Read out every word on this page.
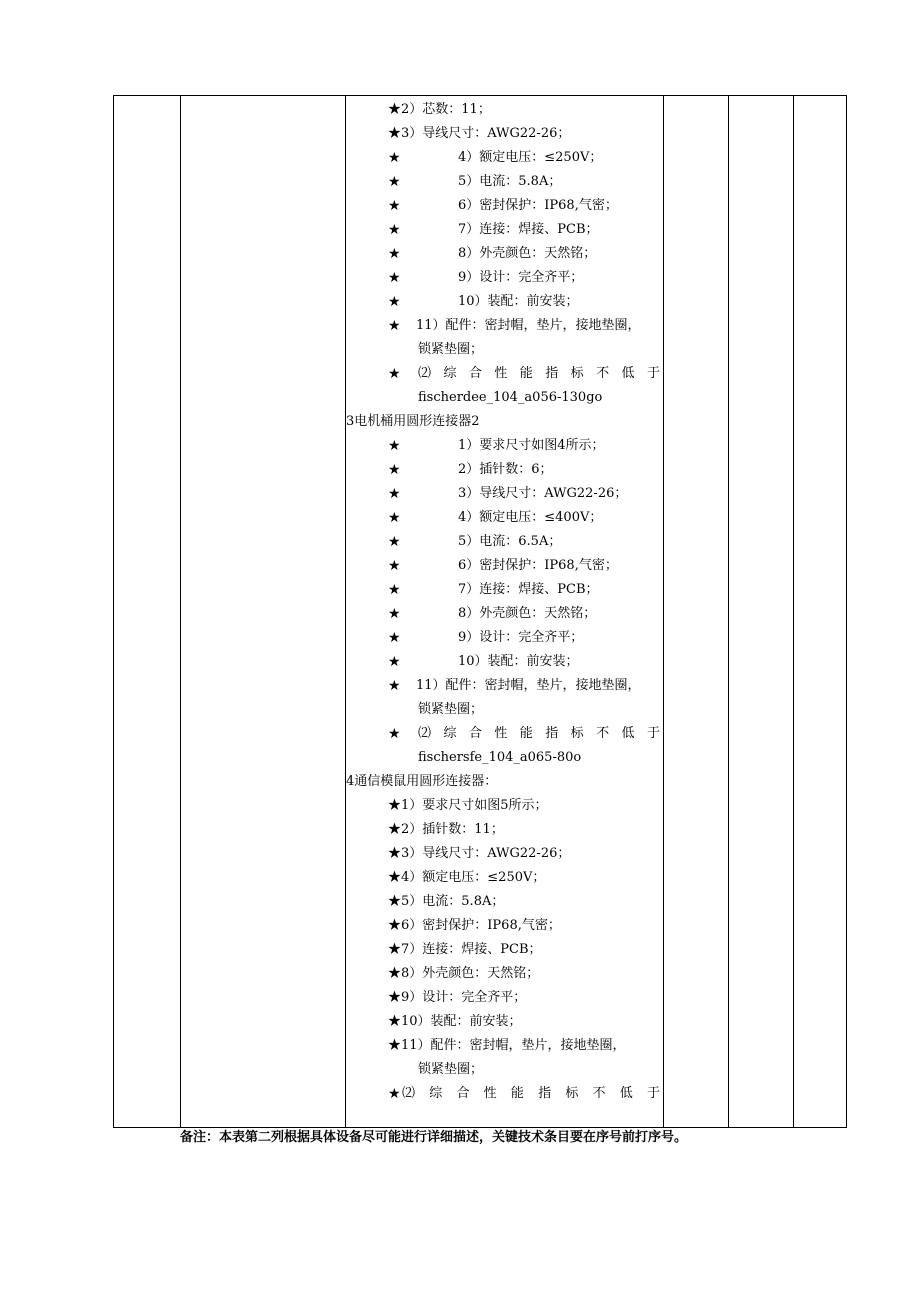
★2）芯数：11；
★3）导线尺寸：AWG22-26；
★	4）额定电压：≤250V；
★	5）电流：5.8A；
★	6）密封保护：IP68,气密；
★	7）连接：焊接、PCB；
★	8）外壳颜色：天然铭；
★	9）设计：完全齐平；
★	10）装配：前安装；
★ 11）配件：密封帽，垫片，接地垫圈，
锁紧垫圈；
★ ⑵ 综 合 性 能 指 标 不 低 于
fischerdee_104_a056-130go
3电机桶用圆形连接器2
★	1）要求尺寸如图4所示；
★	2）插针数：6；
★	3）导线尺寸：AWG22-26；
★	4）额定电压：≤400V；
★	5）电流：6.5A；
★	6）密封保护：IP68,气密；
★	7）连接：焊接、PCB；
★	8）外壳颜色：天然铭；
★	9）设计：完全齐平；
★	10）装配：前安装；
★ 11）配件：密封帽，垫片，接地垫圈，
锁紧垫圈；
★ ⑵ 综 合 性 能 指 标 不 低 于
fischersfe_104_a065-80o
4通信模鼠用圆形连接器：
★1）要求尺寸如图5所示；
★2）插针数：11；
★3）导线尺寸：AWG22-26；
★4）额定电压：≤250V；
★5）电流：5.8A；
★6）密封保护：IP68,气密；
★7）连接：焊接、PCB；
★8）外壳颜色：天然铭；
★9）设计：完全齐平；
★10）装配：前安装；
★11）配件：密封帽，垫片，接地垫圈，
锁紧垫圈；
★ ⑵ 综 合 性 能 指 标 不 低 于
备注：本表第二列根据具体设备尽可能进行详细描述，关键技术条目要在序号前打序号。
